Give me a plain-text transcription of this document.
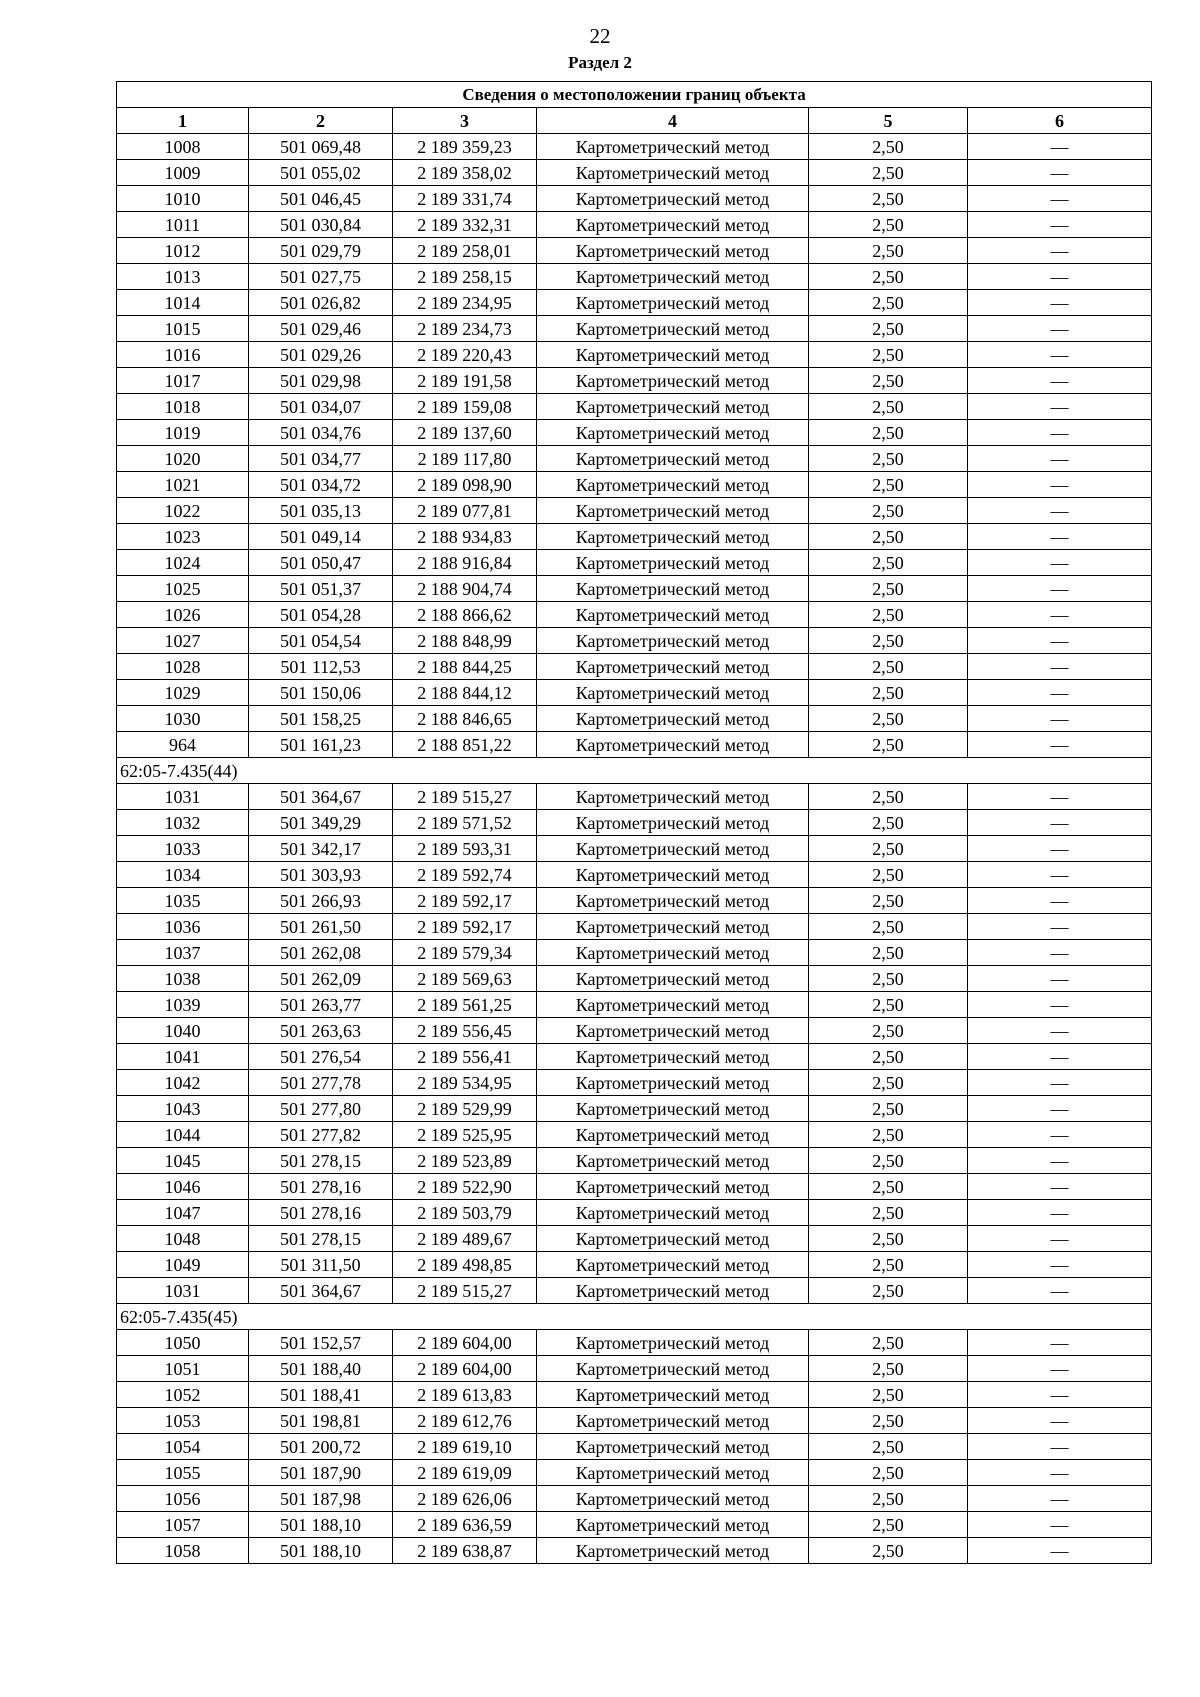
22
Раздел 2
Сведения о местоположении границ объекта					
1	2	3	4	5	6
1008	501 069,48	2 189 359,23	Картометрический метод	2,50	—
1009	501 055,02	2 189 358,02	Картометрический метод	2,50	—
1010	501 046,45	2 189 331,74	Картометрический метод	2,50	—
1011	501 030,84	2 189 332,31	Картометрический метод	2,50	—
1012	501 029,79	2 189 258,01	Картометрический метод	2,50	—
1013	501 027,75	2 189 258,15	Картометрический метод	2,50	—
1014	501 026,82	2 189 234,95	Картометрический метод	2,50	—
1015	501 029,46	2 189 234,73	Картометрический метод	2,50	—
1016	501 029,26	2 189 220,43	Картометрический метод	2,50	—
1017	501 029,98	2 189 191,58	Картометрический метод	2,50	—
1018	501 034,07	2 189 159,08	Картометрический метод	2,50	—
1019	501 034,76	2 189 137,60	Картометрический метод	2,50	—
1020	501 034,77	2 189 117,80	Картометрический метод	2,50	—
1021	501 034,72	2 189 098,90	Картометрический метод	2,50	—
1022	501 035,13	2 189 077,81	Картометрический метод	2,50	—
1023	501 049,14	2 188 934,83	Картометрический метод	2,50	—
1024	501 050,47	2 188 916,84	Картометрический метод	2,50	—
1025	501 051,37	2 188 904,74	Картометрический метод	2,50	—
1026	501 054,28	2 188 866,62	Картометрический метод	2,50	—
1027	501 054,54	2 188 848,99	Картометрический метод	2,50	—
1028	501 112,53	2 188 844,25	Картометрический метод	2,50	—
1029	501 150,06	2 188 844,12	Картометрический метод	2,50	—
1030	501 158,25	2 188 846,65	Картометрический метод	2,50	—
964	501 161,23	2 188 851,22	Картометрический метод	2,50	—
62:05-7.435(44)					
1031	501 364,67	2 189 515,27	Картометрический метод	2,50	—
1032	501 349,29	2 189 571,52	Картометрический метод	2,50	—
1033	501 342,17	2 189 593,31	Картометрический метод	2,50	—
1034	501 303,93	2 189 592,74	Картометрический метод	2,50	—
1035	501 266,93	2 189 592,17	Картометрический метод	2,50	—
1036	501 261,50	2 189 592,17	Картометрический метод	2,50	—
1037	501 262,08	2 189 579,34	Картометрический метод	2,50	—
1038	501 262,09	2 189 569,63	Картометрический метод	2,50	—
1039	501 263,77	2 189 561,25	Картометрический метод	2,50	—
1040	501 263,63	2 189 556,45	Картометрический метод	2,50	—
1041	501 276,54	2 189 556,41	Картометрический метод	2,50	—
1042	501 277,78	2 189 534,95	Картометрический метод	2,50	—
1043	501 277,80	2 189 529,99	Картометрический метод	2,50	—
1044	501 277,82	2 189 525,95	Картометрический метод	2,50	—
1045	501 278,15	2 189 523,89	Картометрический метод	2,50	—
1046	501 278,16	2 189 522,90	Картометрический метод	2,50	—
1047	501 278,16	2 189 503,79	Картометрический метод	2,50	—
1048	501 278,15	2 189 489,67	Картометрический метод	2,50	—
1049	501 311,50	2 189 498,85	Картометрический метод	2,50	—
1031	501 364,67	2 189 515,27	Картометрический метод	2,50	—
62:05-7.435(45)					
1050	501 152,57	2 189 604,00	Картометрический метод	2,50	—
1051	501 188,40	2 189 604,00	Картометрический метод	2,50	—
1052	501 188,41	2 189 613,83	Картометрический метод	2,50	—
1053	501 198,81	2 189 612,76	Картометрический метод	2,50	—
1054	501 200,72	2 189 619,10	Картометрический метод	2,50	—
1055	501 187,90	2 189 619,09	Картометрический метод	2,50	—
1056	501 187,98	2 189 626,06	Картометрический метод	2,50	—
1057	501 188,10	2 189 636,59	Картометрический метод	2,50	—
1058	501 188,10	2 189 638,87	Картометрический метод	2,50	—
